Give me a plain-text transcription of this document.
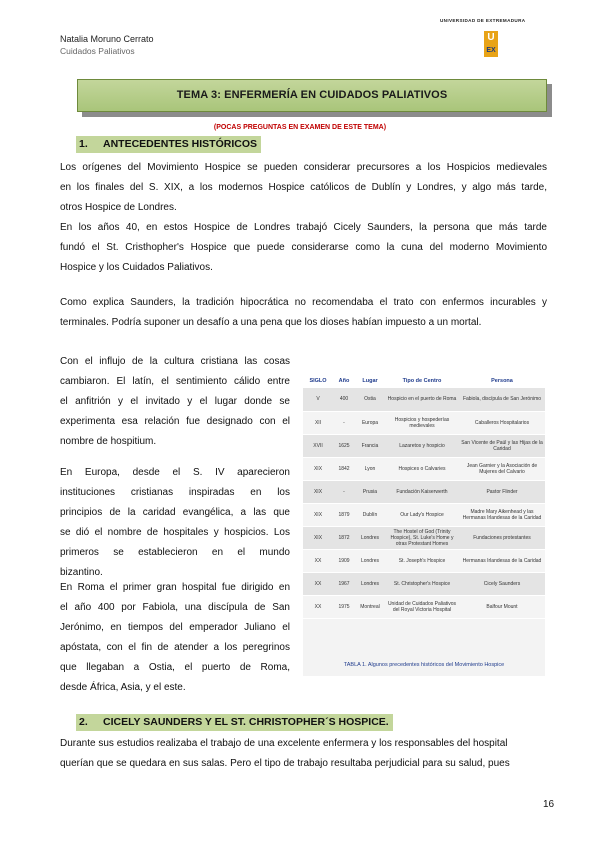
Natalia Moruno Cerrato
Cuidados Paliativos
UNIVERSIDAD DE EXTREMADURA
U
EX
TEMA 3: ENFERMERÍA EN CUIDADOS PALIATIVOS
(POCAS PREGUNTAS EN EXAMEN DE ESTE TEMA)
1. ANTECEDENTES HISTÓRICOS
Los orígenes del Movimiento Hospice se pueden considerar precursores a los Hospicios medievales
en los finales del S. XIX, a los modernos Hospice católicos de Dublín y Londres, y algo más tarde,
otros Hospice de Londres.
En los años 40, en estos Hospice de Londres trabajó Cicely Saunders, la persona que más tarde
fundó el St. Cristhopher's Hospice que puede considerarse como la cuna del moderno Movimiento
Hospice y los Cuidados Paliativos.
Como explica Saunders, la tradición hipocrática no recomendaba el trato con enfermos incurables y
terminales. Podría suponer un desafío a una pena que los dioses habían impuesto a un mortal.
Con el influjo de la cultura cristiana las cosas
cambiaron. El latín, el sentimiento cálido entre
el anfitrión y el invitado y el lugar donde se
experimenta esa relación fue designado con el
nombre de hospitium.
En Europa, desde el S. IV aparecieron
instituciones cristianas inspiradas en los
principios de la caridad evangélica, a las que
se dió el nombre de hospitales y hospicios. Los
primeros se establecieron en el mundo
bizantino.
En Roma el primer gran hospital fue dirigido en
el año 400 por Fabiola, una discípula de San
Jerónimo, en tiempos del emperador Juliano el
apóstata, con el fin de atender a los peregrinos
que llegaban a Ostia, el puerto de Roma,
desde África, Asia, y el este.
SIGLO	Año	Lugar	Tipo de Centro	Persona
V	400	Ostia	Hospicio en el puerto de Roma	Fabiola, discípula de San Jerónimo
XII	-	Europa	Hospicios y hospederías medievales	Caballeros Hospitalarios
XVII	1625	Francia	Lazaretos y hospicio	San Vicente de Paúl y las Hijas de la Caridad
XIX	1842	Lyon	Hospices o Calvaries	Jean Garnier y la Asociación de Mujeres del Calvario
XIX	-	Prusia	Fundación Kaiserwerth	Pastor Flinder
XIX	1879	Dublín	Our Lady's Hospice	Madre Mary Aikenhead y las Hermanas Irlandesas de la Caridad
XIX	1872	Londres	The Hostel of God (Trinity Hospice), St. Luke's Home y otras Protestant Homes	Fundaciones protestantes
XX	1909	Londres	St. Joseph's Hospice	Hermanas Irlandesas de la Caridad
XX	1967	Londres	St. Christopher's Hospice	Cicely Saunders
XX	1975	Montreal	Unidad de Cuidados Paliativos del Royal Victoria Hospital	Balfour Mount
TABLA 1. Algunos precedentes históricos del Movimiento Hospice
2. CICELY SAUNDERS Y EL ST. CHRISTOPHER´S HOSPICE.
Durante sus estudios realizaba el trabajo de una excelente enfermera y los responsables del hospital
querían que se quedara en sus salas. Pero el tipo de trabajo resultaba perjudicial para su salud, pues
16
